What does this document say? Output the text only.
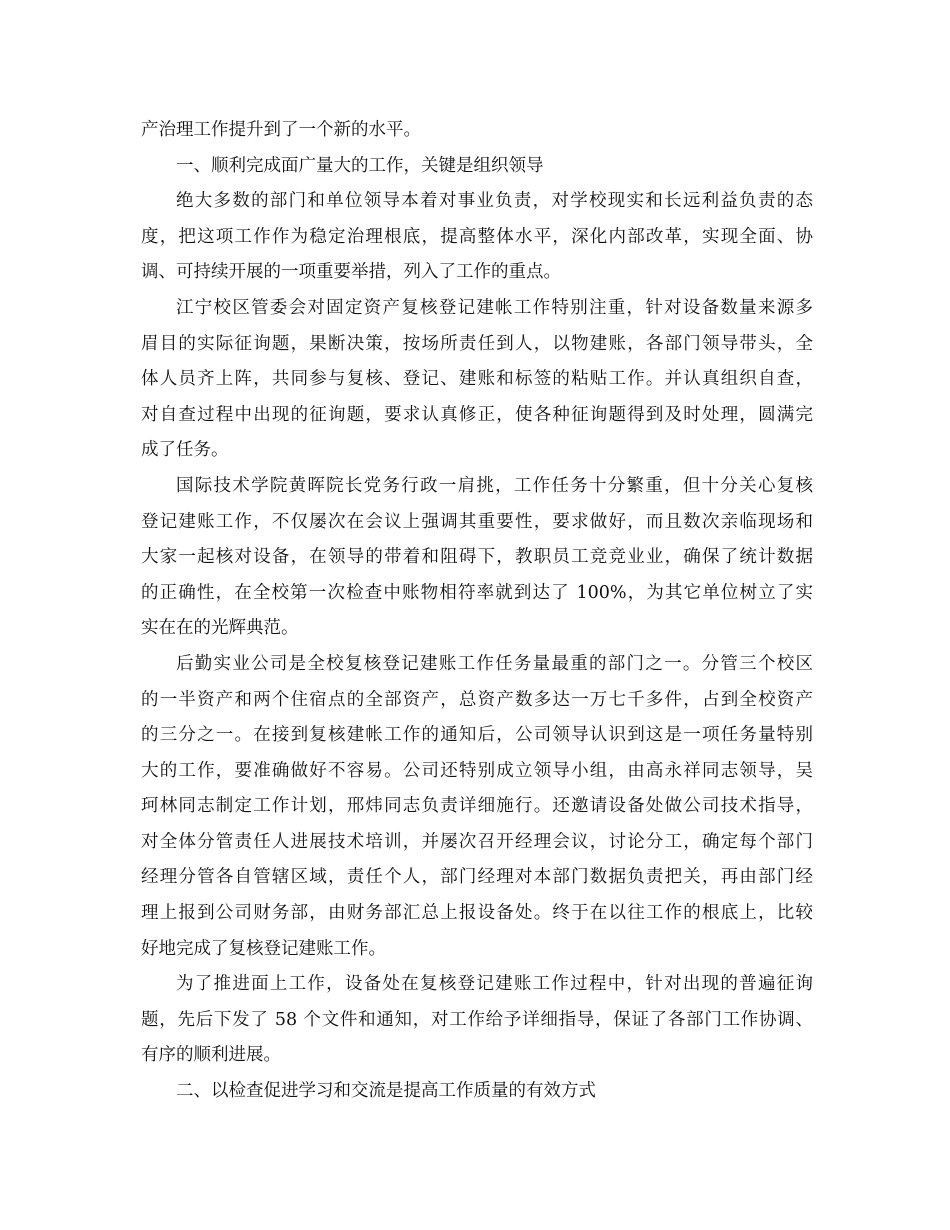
产治理工作提升到了一个新的水平。
一、顺利完成面广量大的工作，关键是组织领导
绝大多数的部门和单位领导本着对事业负责，对学校现实和长远利益负责的态
度，把这项工作作为稳定治理根底，提高整体水平，深化内部改革，实现全面、协
调、可持续开展的一项重要举措，列入了工作的重点。
江宁校区管委会对固定资产复核登记建帐工作特别注重，针对设备数量来源多
眉目的实际征询题，果断决策，按场所责任到人，以物建账，各部门领导带头，全
体人员齐上阵，共同参与复核、登记、建账和标签的粘贴工作。并认真组织自查，
对自查过程中出现的征询题，要求认真修正，使各种征询题得到及时处理，圆满完
成了任务。
国际技术学院黄晖院长党务行政一肩挑，工作任务十分繁重，但十分关心复核
登记建账工作，不仅屡次在会议上强调其重要性，要求做好，而且数次亲临现场和
大家一起核对设备，在领导的带着和阻碍下，教职员工竞竞业业，确保了统计数据
的正确性，在全校第一次检查中账物相符率就到达了 100%，为其它单位树立了实
实在在的光辉典范。
后勤实业公司是全校复核登记建账工作任务量最重的部门之一。分管三个校区
的一半资产和两个住宿点的全部资产，总资产数多达一万七千多件，占到全校资产
的三分之一。在接到复核建帐工作的通知后，公司领导认识到这是一项任务量特别
大的工作，要准确做好不容易。公司还特别成立领导小组，由高永祥同志领导，吴
珂林同志制定工作计划，邢炜同志负责详细施行。还邀请设备处做公司技术指导，
对全体分管责任人进展技术培训，并屡次召开经理会议，讨论分工，确定每个部门
经理分管各自管辖区域，责任个人，部门经理对本部门数据负责把关，再由部门经
理上报到公司财务部，由财务部汇总上报设备处。终于在以往工作的根底上，比较
好地完成了复核登记建账工作。
为了推进面上工作，设备处在复核登记建账工作过程中，针对出现的普遍征询
题，先后下发了 58 个文件和通知，对工作给予详细指导，保证了各部门工作协调、
有序的顺利进展。
二、以检查促进学习和交流是提高工作质量的有效方式
